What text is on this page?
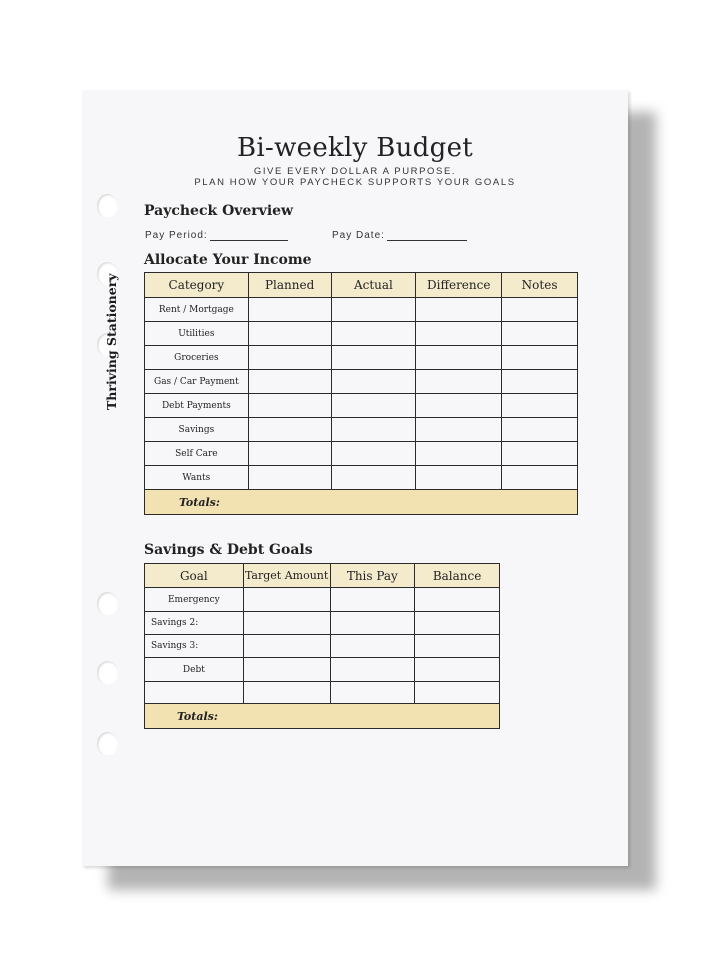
Bi-weekly Budget
GIVE EVERY DOLLAR A PURPOSE.
PLAN HOW YOUR PAYCHECK SUPPORTS YOUR GOALS
Thriving Stationery
Paycheck Overview
Pay Period:	Pay Date:
Allocate Your Income
Category	Planned	Actual	Difference	Notes
Rent / Mortgage				
Utilities				
Groceries				
Gas / Car Payment				
Debt Payments				
Savings				
Self Care				
Wants				
Totals:				
Savings & Debt Goals
Goal	Target Amount	This Pay	Balance
Emergency			
Savings 2:			
Savings 3:			
Debt			

Totals:			
